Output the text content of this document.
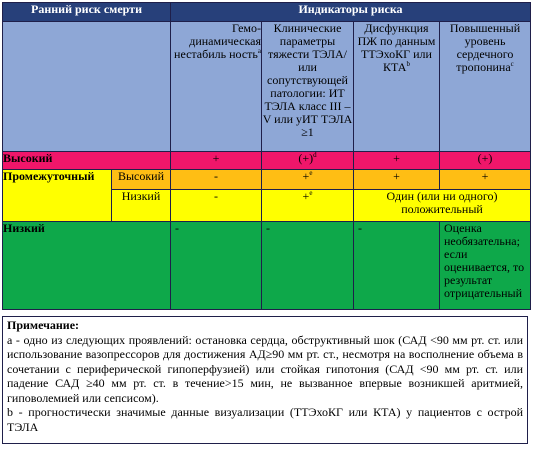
Ранний риск смерти		Индикаторы риска			
		Гемо-динамическая нестабиль ность$^a$	Клинические параметры тяжести ТЭЛА/или сопутствующей патологии: ИТ ТЭЛА класс III – V или уИТ ТЭЛА ≥1	Дисфункция ПЖ по данным ТТЭхоКГ или КТА$^b$	Повышенный уровень сердечного тропонина$^c$
Высокий		+	$(+)^d$	+	(+)
Промежуточный	Высокий	-	+$^e$	+	+
	Низкий	-	+$^e$	Один (или ни одного) положительный	
Низкий		-	-	-	Оценка необязательна; если оценивается, то результат отрицательный
Примечание:
a - одно из следующих проявлений: остановка сердца, обструктивный шок (САД <90 мм рт. ст. или использование вазопрессоров для достижения АД≥90 мм рт. ст., несмотря на восполнение объема в сочетании с периферической гипоперфузией) или стойкая гипотония (САД <90 мм рт. ст. или падение САД ≥40 мм рт. ст. в течение>15 мин, не вызванное впервые возникшей аритмией, гиповолемией или сепсисом).
b - прогностически значимые данные визуализации (ТТЭхоКГ или КТА) у пациентов с острой ТЭЛА
